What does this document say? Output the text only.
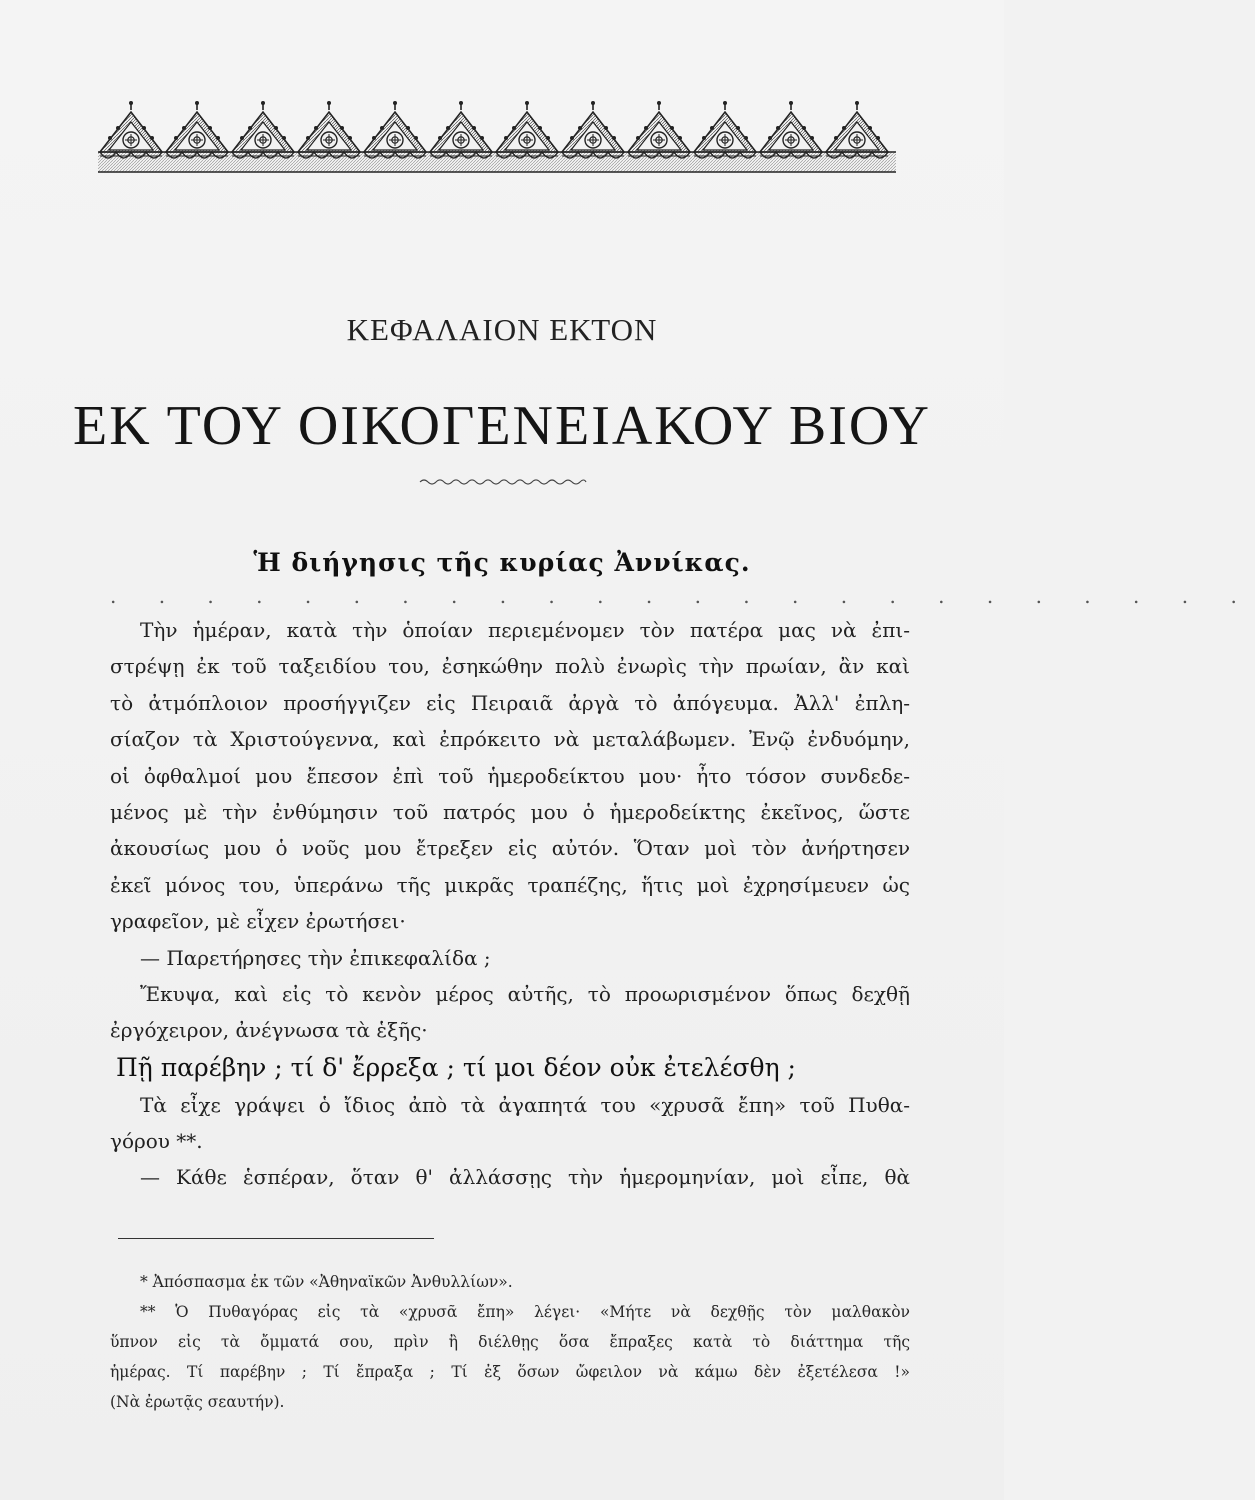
ΚΕΦΑΛΑΙΟΝ ΕΚΤΟΝ
ΕΚ ΤΟΥ ΟΙΚΟΓΕΝΕΙΑΚΟΥ ΒΙΟΥ
Ἡ διήγησις τῆς κυρίας Ἀννίκας.
. . . . . . . . . . . . . . . . . . . . . . . .
Τὴν ἡμέραν, κατὰ τὴν ὁποίαν περιεμένομεν τὸν πατέρα μας νὰ ἐπι-
στρέψῃ ἐκ τοῦ ταξειδίου του, ἐσηκώθην πολὺ ἐνωρὶς τὴν πρωίαν, ἂν καὶ
τὸ ἀτμόπλοιον προσήγγιζεν εἰς Πειραιᾶ ἀργὰ τὸ ἀπόγευμα. Ἀλλ' ἐπλη-
σίαζον τὰ Χριστούγεννα, καὶ ἐπρόκειτο νὰ μεταλάβωμεν. Ἐνῷ ἐνδυόμην,
οἱ ὀφθαλμοί μου ἔπεσον ἐπὶ τοῦ ἡμεροδείκτου μου· ἦτο τόσον συνδεδε-
μένος μὲ τὴν ἐνθύμησιν τοῦ πατρός μου ὁ ἡμεροδείκτης ἐκεῖνος, ὥστε
ἀκουσίως μου ὁ νοῦς μου ἔτρεξεν εἰς αὐτόν. Ὅταν μοὶ τὸν ἀνήρτησεν
ἐκεῖ μόνος του, ὑπεράνω τῆς μικρᾶς τραπέζης, ἥτις μοὶ ἐχρησίμευεν ὡς
γραφεῖον, μὲ εἶχεν ἐρωτήσει·
— Παρετήρησες τὴν ἐπικεφαλίδα ;
Ἔκυψα, καὶ εἰς τὸ κενὸν μέρος αὐτῆς, τὸ προωρισμένον ὅπως δεχθῇ
ἐργόχειρον, ἀνέγνωσα τὰ ἑξῆς·
Πῇ παρέβην ; τί δ' ἔρρεξα ; τί μοι δέον οὐκ ἐτελέσθη ;
Τὰ εἶχε γράψει ὁ ἴδιος ἀπὸ τὰ ἀγαπητά του «χρυσᾶ ἔπη» τοῦ Πυθα-
γόρου **.
— Κάθε ἑσπέραν, ὅταν θ' ἀλλάσσῃς τὴν ἡμερομηνίαν, μοὶ εἶπε, θὰ
* Ἀπόσπασμα ἐκ τῶν «Ἀθηναϊκῶν Ἀνθυλλίων».
** Ὁ Πυθαγόρας εἰς τὰ «χρυσᾶ ἔπη» λέγει· «Μήτε νὰ δεχθῇς τὸν μαλθακὸν
ὕπνον εἰς τὰ ὄμματά σου, πρὶν ἢ διέλθῃς ὅσα ἔπραξες κατὰ τὸ διάττημα τῆς
ἡμέρας. Τί παρέβην ; Τί ἔπραξα ; Τί ἐξ ὅσων ὤφειλον νὰ κάμω δὲν ἐξετέλεσα !»
(Νὰ ἐρωτᾷς σεαυτήν).
